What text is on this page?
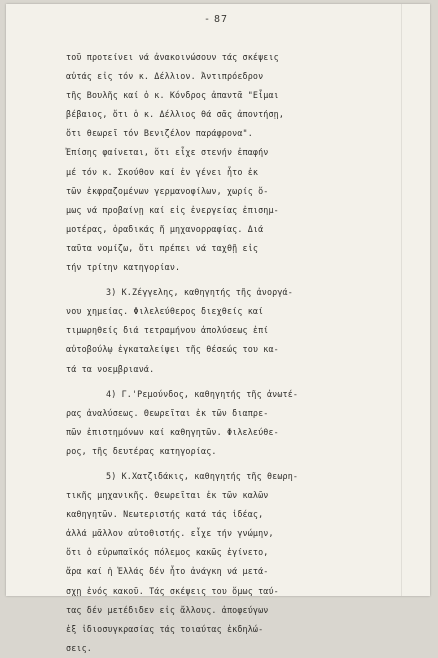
- 87
τοῦ προτείνει νά ἀνακοινώσουν τάς σκέψεις
αὐτάς εἰς τόν κ. Δέλλιον. Ἀντιπρόεδρον
τῆς Βουλῆς καί ὁ κ. Κόνδρος ἀπαντᾶ "Εἶμαι
βέβαιος, ὅτι ὁ κ. Δέλλιος θά σᾶς ἀποντήσῃ,
ὅτι θεωρεῖ τόν Βενιζέλον παράφρονα".
Ἐπίσης φαίνεται, ὅτι εἶχε στενήν ἐπαφήν
μέ τόν κ. Σκούθον καί ἐν γένει ἦτο ἐκ
τῶν ἐκφραζομένων γερμανοφίλων, χωρίς ὅ-
μως νά προβαίνῃ καί εἰς ἐνεργείας ἐπισημ-
μοτέρας, ὁραδικάς ἤ μηχανορραφίας. Διά
ταῦτα νομίζω, ὅτι πρέπει νά ταχθῇ εἰς
τήν τρίτην κατηγορίαν.
3) Κ.Ζέγγελης, καθηγητής τῆς ἀνοργά-
νου χημείας. Φιλελεύθερος διεχθείς καί
τιμωρηθείς διά τετραμήνου ἀπολύσεως ἐπί
αὐτοβούλῳ ἐγκαταλείψει τῆς θέσεώς του κα-
τά τα νοεμβριανά.
4) Γ.'Ρεμούνδος, καθηγητής τῆς ἀνωτέ-
ρας ἀναλύσεως. Θεωρεῖται ἐκ τῶν διαπρε-
πῶν ἐπιστημόνων καί καθηγητῶν. Φιλελεύθε-
ρος, τῆς δευτέρας κατηγορίας.
5) Κ.Χατζιδάκις, καθηγητής τῆς θεωρη-
τικῆς μηχανικῆς. Θεωρεῖται ἐκ τῶν καλῶν
καθηγητῶν. Νεωτεριστής κατά τάς ἰδέας,
ἀλλά μᾶλλον αὐτοθιστής. εἶχε τήν γνώμην,
ὅτι ὁ εὐρωπαϊκός πόλεμος κακῶς ἐγίνετο,
ἄρα καί ἡ Ἑλλάς δέν ἦτο ἀνάγκη νά μετά-
σχῃ ἑνός κακοῦ. Τάς σκέψεις του ὅμως ταύ-
τας δέν μετέδιδεν εἰς ἄλλους. ἀποφεύγων
ἐξ ἰδιοσυγκρασίας τάς τοιαύτας ἐκδηλώ-
σεις.
